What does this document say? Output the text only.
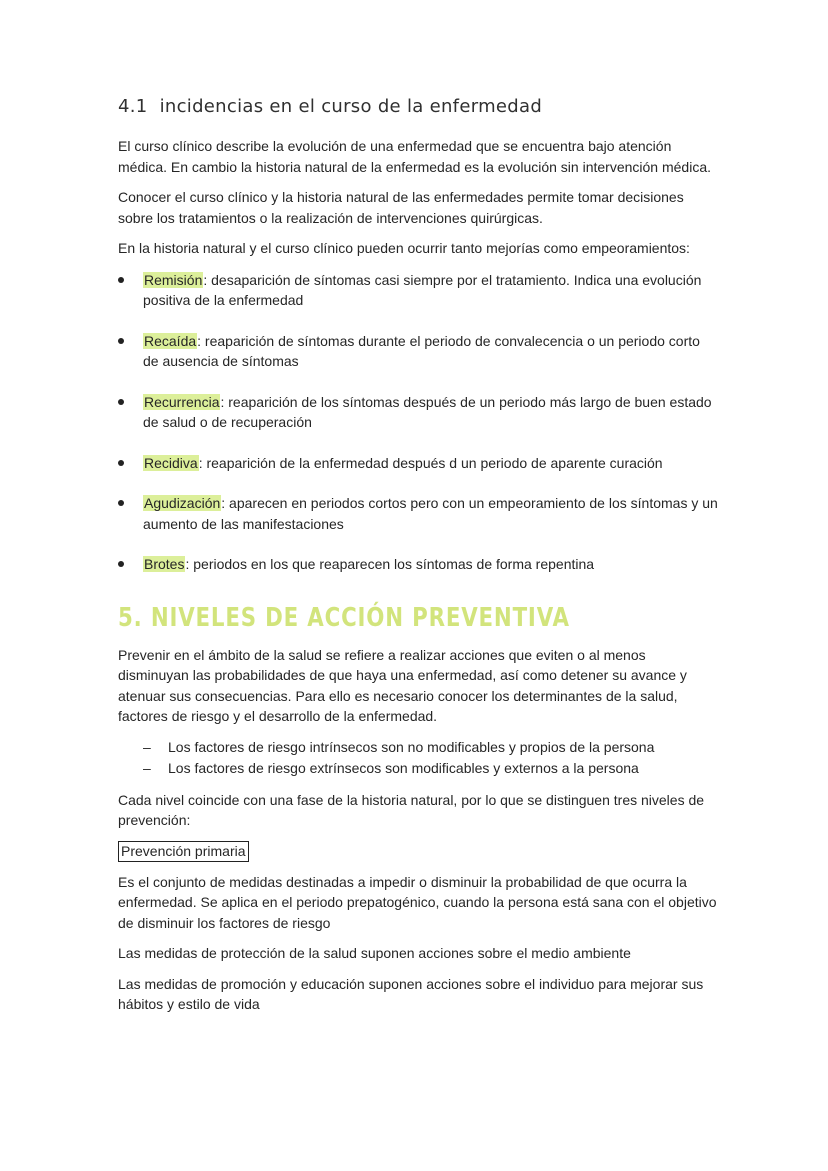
4.1 incidencias en el curso de la enfermedad

El curso clínico describe la evolución de una enfermedad que se encuentra bajo atención médica. En cambio la historia natural de la enfermedad es la evolución sin intervención médica.

Conocer el curso clínico y la historia natural de las enfermedades permite tomar decisiones sobre los tratamientos o la realización de intervenciones quirúrgicas.

En la historia natural y el curso clínico pueden ocurrir tanto mejorías como empeoramientos:

Remisión: desaparición de síntomas casi siempre por el tratamiento. Indica una evolución positiva de la enfermedad
Recaída: reaparición de síntomas durante el periodo de convalecencia o un periodo corto de ausencia de síntomas
Recurrencia: reaparición de los síntomas después de un periodo más largo de buen estado de salud o de recuperación
Recidiva: reaparición de la enfermedad después d un periodo de aparente curación
Agudización: aparecen en periodos cortos pero con un empeoramiento de los síntomas y un aumento de las manifestaciones
Brotes: periodos en los que reaparecen los síntomas de forma repentina
5. NIVELES DE ACCIÓN PREVENTIVA

Prevenir en el ámbito de la salud se refiere a realizar acciones que eviten o al menos disminuyan las probabilidades de que haya una enfermedad, así como detener su avance y atenuar sus consecuencias. Para ello es necesario conocer los determinantes de la salud, factores de riesgo y el desarrollo de la enfermedad.

– Los factores de riesgo intrínsecos son no modificables y propios de la persona
– Los factores de riesgo extrínsecos son modificables y externos a la persona

Cada nivel coincide con una fase de la historia natural, por lo que se distinguen tres niveles de prevención:

Prevención primaria

Es el conjunto de medidas destinadas a impedir o disminuir la probabilidad de que ocurra la enfermedad. Se aplica en el periodo prepatogénico, cuando la persona está sana con el objetivo de disminuir los factores de riesgo

Las medidas de protección de la salud suponen acciones sobre el medio ambiente

Las medidas de promoción y educación suponen acciones sobre el individuo para mejorar sus hábitos y estilo de vida
